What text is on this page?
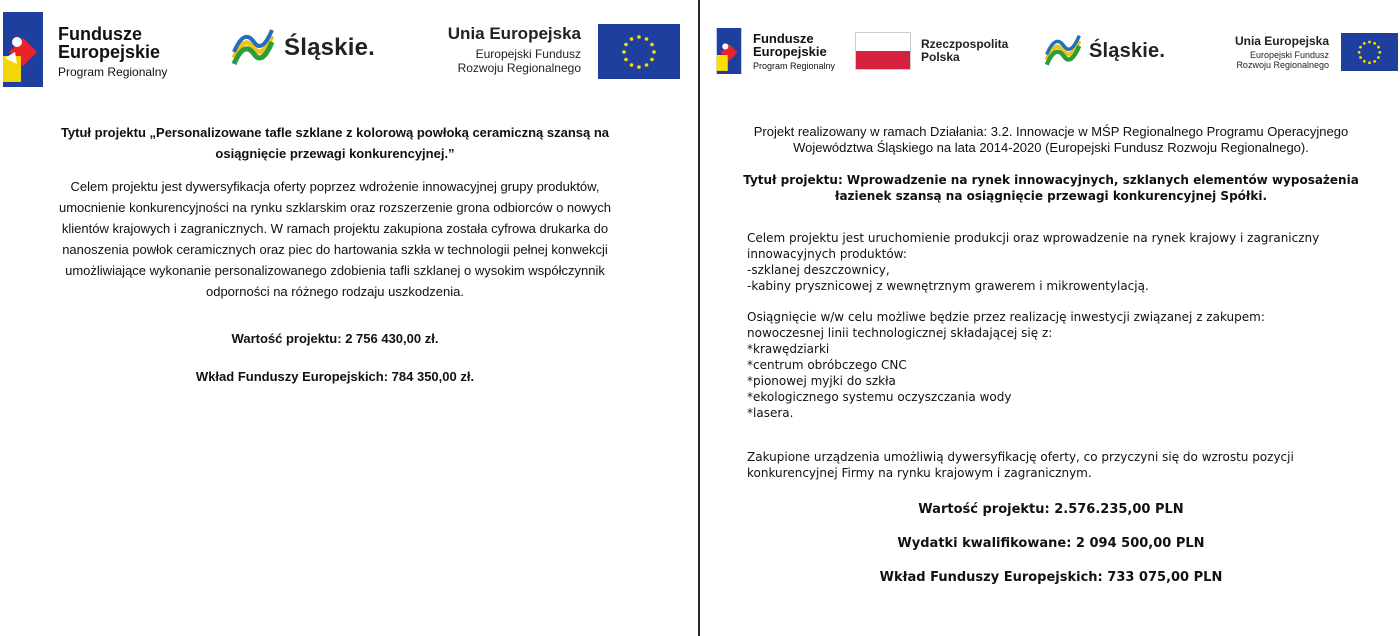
Fundusze
Europejskie
Program Regionalny
Śląskie.
Unia Europejska
Europejski Fundusz
Rozwoju Regionalnego
Tytuł projektu „Personalizowane tafle szklane z kolorową powłoką ceramiczną szansą na osiągnięcie przewagi konkurencyjnej.”
Celem projektu jest dywersyfikacja oferty poprzez wdrożenie innowacyjnej grupy produktów, umocnienie konkurencyjności na rynku szklarskim oraz rozszerzenie grona odbiorców o nowych klientów krajowych i zagranicznych. W ramach projektu zakupiona została cyfrowa drukarka do nanoszenia powłok ceramicznych oraz piec do hartowania szkła w technologii pełnej konwekcji umożliwiające wykonanie personalizowanego zdobienia tafli szklanej o wysokim współczynnik odporności na różnego rodzaju uszkodzenia.
Wartość projektu: 2 756 430,00 zł.
Wkład Funduszy Europejskich: 784 350,00 zł.
Fundusze
Europejskie
Program Regionalny
Rzeczpospolita
Polska	Śląskie.	Unia Europejska
Europejski Fundusz
Rozwoju Regionalnego
Projekt realizowany w ramach Działania: 3.2. Innowacje w MŚP Regionalnego Programu Operacyjnego Województwa Śląskiego na lata 2014-2020 (Europejski Fundusz Rozwoju Regionalnego).
Tytuł projektu: Wprowadzenie na rynek innowacyjnych, szklanych elementów wyposażenia łazienek szansą na osiągnięcie przewagi konkurencyjnej Spółki.
Celem projektu jest uruchomienie produkcji oraz wprowadzenie na rynek krajowy i zagraniczny innowacyjnych produktów:
-szklanej deszczownicy,
-kabiny prysznicowej z wewnętrznym grawerem i mikrowentylacją.
Osiągnięcie w/w celu możliwe będzie przez realizację inwestycji związanej z zakupem:
nowoczesnej linii technologicznej składającej się z:
*krawędziarki
*centrum obróbczego CNC
*pionowej myjki do szkła
*ekologicznego systemu oczyszczania wody
*lasera.
Zakupione urządzenia umożliwią dywersyfikację oferty, co przyczyni się do wzrostu pozycji konkurencyjnej Firmy na rynku krajowym i zagranicznym.
Wartość projektu: 2.576.235,00 PLN
Wydatki kwalifikowane: 2 094 500,00 PLN
Wkład Funduszy Europejskich: 733 075,00 PLN
